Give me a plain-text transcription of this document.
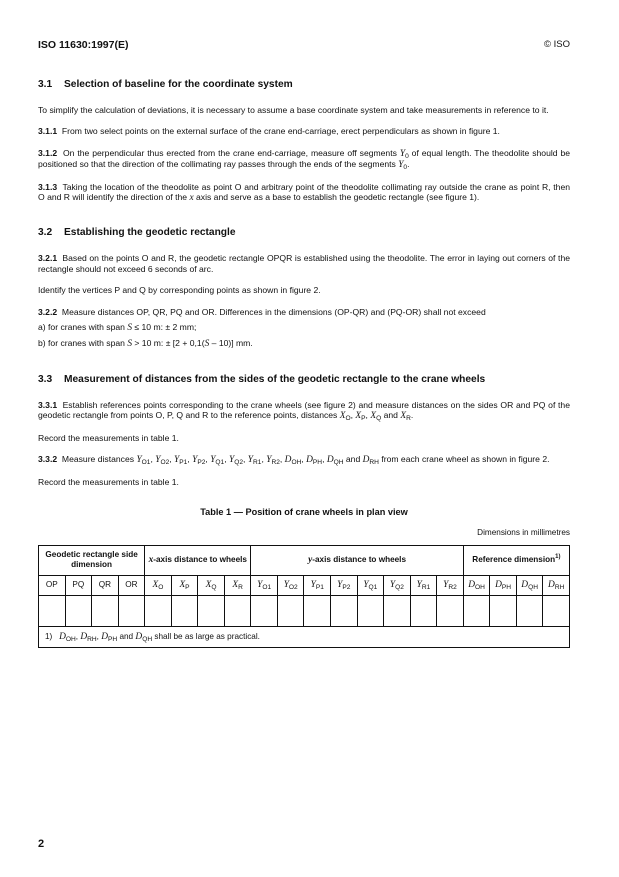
ISO 11630:1997(E)	© ISO
3.1 Selection of baseline for the coordinate system

To simplify the calculation of deviations, it is necessary to assume a base coordinate system and take measurements in reference to it.

3.1.1 From two select points on the external surface of the crane end-carriage, erect perpendiculars as shown in figure 1.

3.1.2 On the perpendicular thus erected from the crane end-carriage, measure off segments $Y_0$ of equal length. The theodolite should be positioned so that the direction of the collimating ray passes through the ends of the segments $Y_0$.

3.1.3 Taking the location of the theodolite as point O and arbitrary point of the theodolite collimating ray outside the crane as point R, then O and R will identify the direction of the x axis and serve as a base to establish the geodetic rectangle (see figure 1).

3.2 Establishing the geodetic rectangle

3.2.1 Based on the points O and R, the geodetic rectangle OPQR is established using the theodolite. The error in laying out corners of the rectangle should not exceed 6 seconds of arc.

Identify the vertices P and Q by corresponding points as shown in figure 2.

3.2.2 Measure distances OP, QR, PQ and OR. Differences in the dimensions (OP-QR) and (PQ-OR) shall not exceed

a) for cranes with span S ≤ 10 m: ± 2 mm;

b) for cranes with span S > 10 m: ± [2 + 0,1(S – 10)] mm.

3.3 Measurement of distances from the sides of the geodetic rectangle to the crane wheels

3.3.1 Establish references points corresponding to the crane wheels (see figure 2) and measure distances on the sides OR and PQ of the geodetic rectangle from points O, P, Q and R to the reference points, distances $X_O$, $X_P$, $X_Q$ and $X_R$.

Record the measurements in table 1.

3.3.2 Measure distances $Y_{O1}$, $Y_{O2}$, $Y_{P1}$, $Y_{P2}$, $Y_{Q1}$, $Y_{Q2}$, $Y_{R1}$, $Y_{R2}$, $D_{OH}$, $D_{PH}$, $D_{QH}$ and $D_{RH}$ from each crane wheel as shown in figure 2.

Record the measurements in table 1.

Table 1 — Position of crane wheels in plan view
Dimensions in millimetres
Geodetic rectangle side dimension				x-axis distance to wheels				y-axis distance to wheels								Reference dimension$^{1)}$
OP	PQ	QR	OR	$X_O$	$X_P$	$X_Q$	$X_R$	$Y_{O1}$	$Y_{O2}$	$Y_{P1}$	$Y_{P2}$	$Y_{Q1}$	$Y_{Q2}$	$Y_{R1}$	$Y_{R2}$	$D_{OH}$	$D_{PH}$	$D_{QH}$	$D_{RH}$

1) $D_{OH}$, $D_{RH}$, $D_{PH}$ and $D_{QH}$ shall be as large as practical.																			
2
